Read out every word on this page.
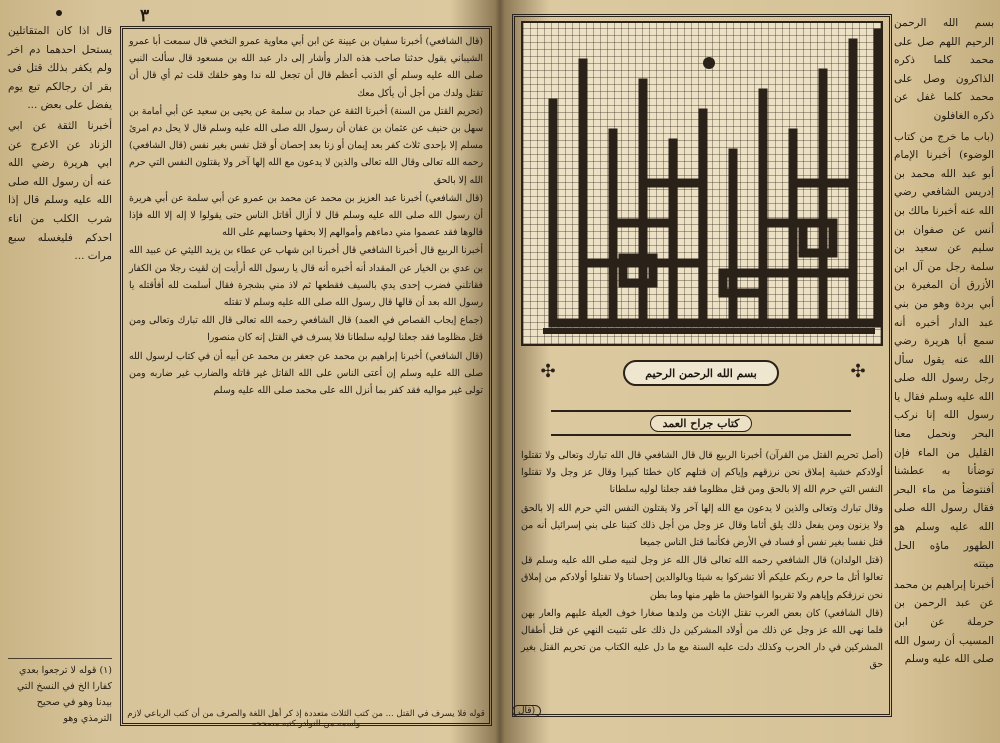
٣

قال اذا كان المتقاتلين يستحل احدهما دم اخر ولم يكفر بذلك قتل فى بقر ان رجالكم تبع يوم يفضل على بعض ...

أخبرنا الثقة عن ابي الزناد عن الاعرج عن ابي هريرة رضي الله عنه أن رسول الله صلى الله عليه وسلم قال إذا شرب الكلب من اناء احدكم فليغسله سبع مرات ...

(١) قوله لا ترجعوا بعدي كفارا الخ في النسخ التي بيدنا وهو في صحيح الترمذي وهو

(قال الشافعي) أخبرنا سفيان بن عيينة عن ابن أبي معاوية عمرو النخعي قال سمعت أبا عمرو الشيباني يقول حدثنا صاحب هذه الدار وأشار إلى دار عبد الله بن مسعود قال سألت النبي صلى الله عليه وسلم أي الذنب أعظم قال أن تجعل لله ندا وهو خلقك قلت ثم أي قال أن تقتل ولدك من أجل أن يأكل معك

(تحريم القتل من السنة) أخبرنا الثقة عن حماد بن سلمة عن يحيى بن سعيد عن أبي أمامة بن سهل بن حنيف عن عثمان بن عفان أن رسول الله صلى الله عليه وسلم قال لا يحل دم امرئ مسلم إلا بإحدى ثلاث كفر بعد إيمان أو زنا بعد إحصان أو قتل نفس بغير نفس (قال الشافعي) رحمه الله تعالى وقال الله تعالى والذين لا يدعون مع الله إلها آخر ولا يقتلون النفس التي حرم الله إلا بالحق

(قال الشافعي) أخبرنا عبد العزيز بن محمد عن محمد بن عمرو عن أبي سلمة عن أبي هريرة أن رسول الله صلى الله عليه وسلم قال لا أزال أقاتل الناس حتى يقولوا لا إله إلا الله فإذا قالوها فقد عصموا مني دماءهم وأموالهم إلا بحقها وحسابهم على الله

أخبرنا الربيع قال أخبرنا الشافعي قال أخبرنا ابن شهاب عن عطاء بن يزيد الليثي عن عبيد الله بن عدي بن الخيار عن المقداد أنه أخبره أنه قال يا رسول الله أرأيت إن لقيت رجلا من الكفار فقاتلني فضرب إحدى يدي بالسيف فقطعها ثم لاذ مني بشجرة فقال أسلمت لله أفأقتله يا رسول الله بعد أن قالها قال رسول الله صلى الله عليه وسلم لا تقتله

(جماع إيجاب القصاص في العمد) قال الشافعي رحمه الله تعالى قال الله تبارك وتعالى ومن قتل مظلوما فقد جعلنا لوليه سلطانا فلا يسرف في القتل إنه كان منصورا

(قال الشافعي) أخبرنا إبراهيم بن محمد عن جعفر بن محمد عن أبيه أن في كتاب لرسول الله صلى الله عليه وسلم إن أعتى الناس على الله القاتل غير قاتله والضارب غير ضاربه ومن تولى غير مواليه فقد كفر بما أنزل الله على محمد صلى الله عليه وسلم

قوله فلا يسرف في القتل ... من كتب الثلاث متعددة إذ كر أهل اللغة والصرف من أن كتب الرباعي لازم واسمه من النوادر كتبه مصححه

بسم الله الرحمن الرحيم اللهم صل على محمد كلما ذكره الذاكرون وصل على محمد كلما غفل عن ذكره الغافلون

(باب ما خرج من كتاب الوضوء) أخبرنا الإمام أبو عبد الله محمد بن إدريس الشافعي رضي الله عنه أخبرنا مالك بن أنس عن صفوان بن سليم عن سعيد بن سلمة رجل من آل ابن الأزرق أن المغيرة بن أبي بردة وهو من بني عبد الدار أخبره أنه سمع أبا هريرة رضي الله عنه يقول سأل رجل رسول الله صلى الله عليه وسلم فقال يا رسول الله إنا نركب البحر ونحمل معنا القليل من الماء فإن توضأنا به عطشنا أفنتوضأ من ماء البحر فقال رسول الله صلى الله عليه وسلم هو الطهور ماؤه الحل ميتته

أخبرنا إبراهيم بن محمد عن عبد الرحمن بن حرملة عن ابن المسيب أن رسول الله صلى الله عليه وسلم

✣	✣
بسم الله الرحمن الرحيم
كتاب جراح العمد

(أصل تحريم القتل من القرآن) أخبرنا الربيع قال قال الشافعي قال الله تبارك وتعالى ولا تقتلوا أولادكم خشية إملاق نحن نرزقهم وإياكم إن قتلهم كان خطئا كبيرا وقال عز وجل ولا تقتلوا النفس التي حرم الله إلا بالحق ومن قتل مظلوما فقد جعلنا لوليه سلطانا

وقال تبارك وتعالى والذين لا يدعون مع الله إلها آخر ولا يقتلون النفس التي حرم الله إلا بالحق ولا يزنون ومن يفعل ذلك يلق أثاما وقال عز وجل من أجل ذلك كتبنا على بني إسرائيل أنه من قتل نفسا بغير نفس أو فساد في الأرض فكأنما قتل الناس جميعا

(قتل الولدان) قال الشافعي رحمه الله تعالى قال الله عز وجل لنبيه صلى الله عليه وسلم قل تعالوا أتل ما حرم ربكم عليكم ألا تشركوا به شيئا وبالوالدين إحسانا ولا تقتلوا أولادكم من إملاق نحن نرزقكم وإياهم ولا تقربوا الفواحش ما ظهر منها وما بطن

(قال الشافعي) كان بعض العرب تقتل الإناث من ولدها صغارا خوف العيلة عليهم والعار بهن فلما نهى الله عز وجل عن ذلك من أولاد المشركين دل ذلك على تثبيت النهي عن قتل أطفال المشركين في دار الحرب وكذلك دلت عليه السنة مع ما دل عليه الكتاب من تحريم القتل بغير حق

(قال
